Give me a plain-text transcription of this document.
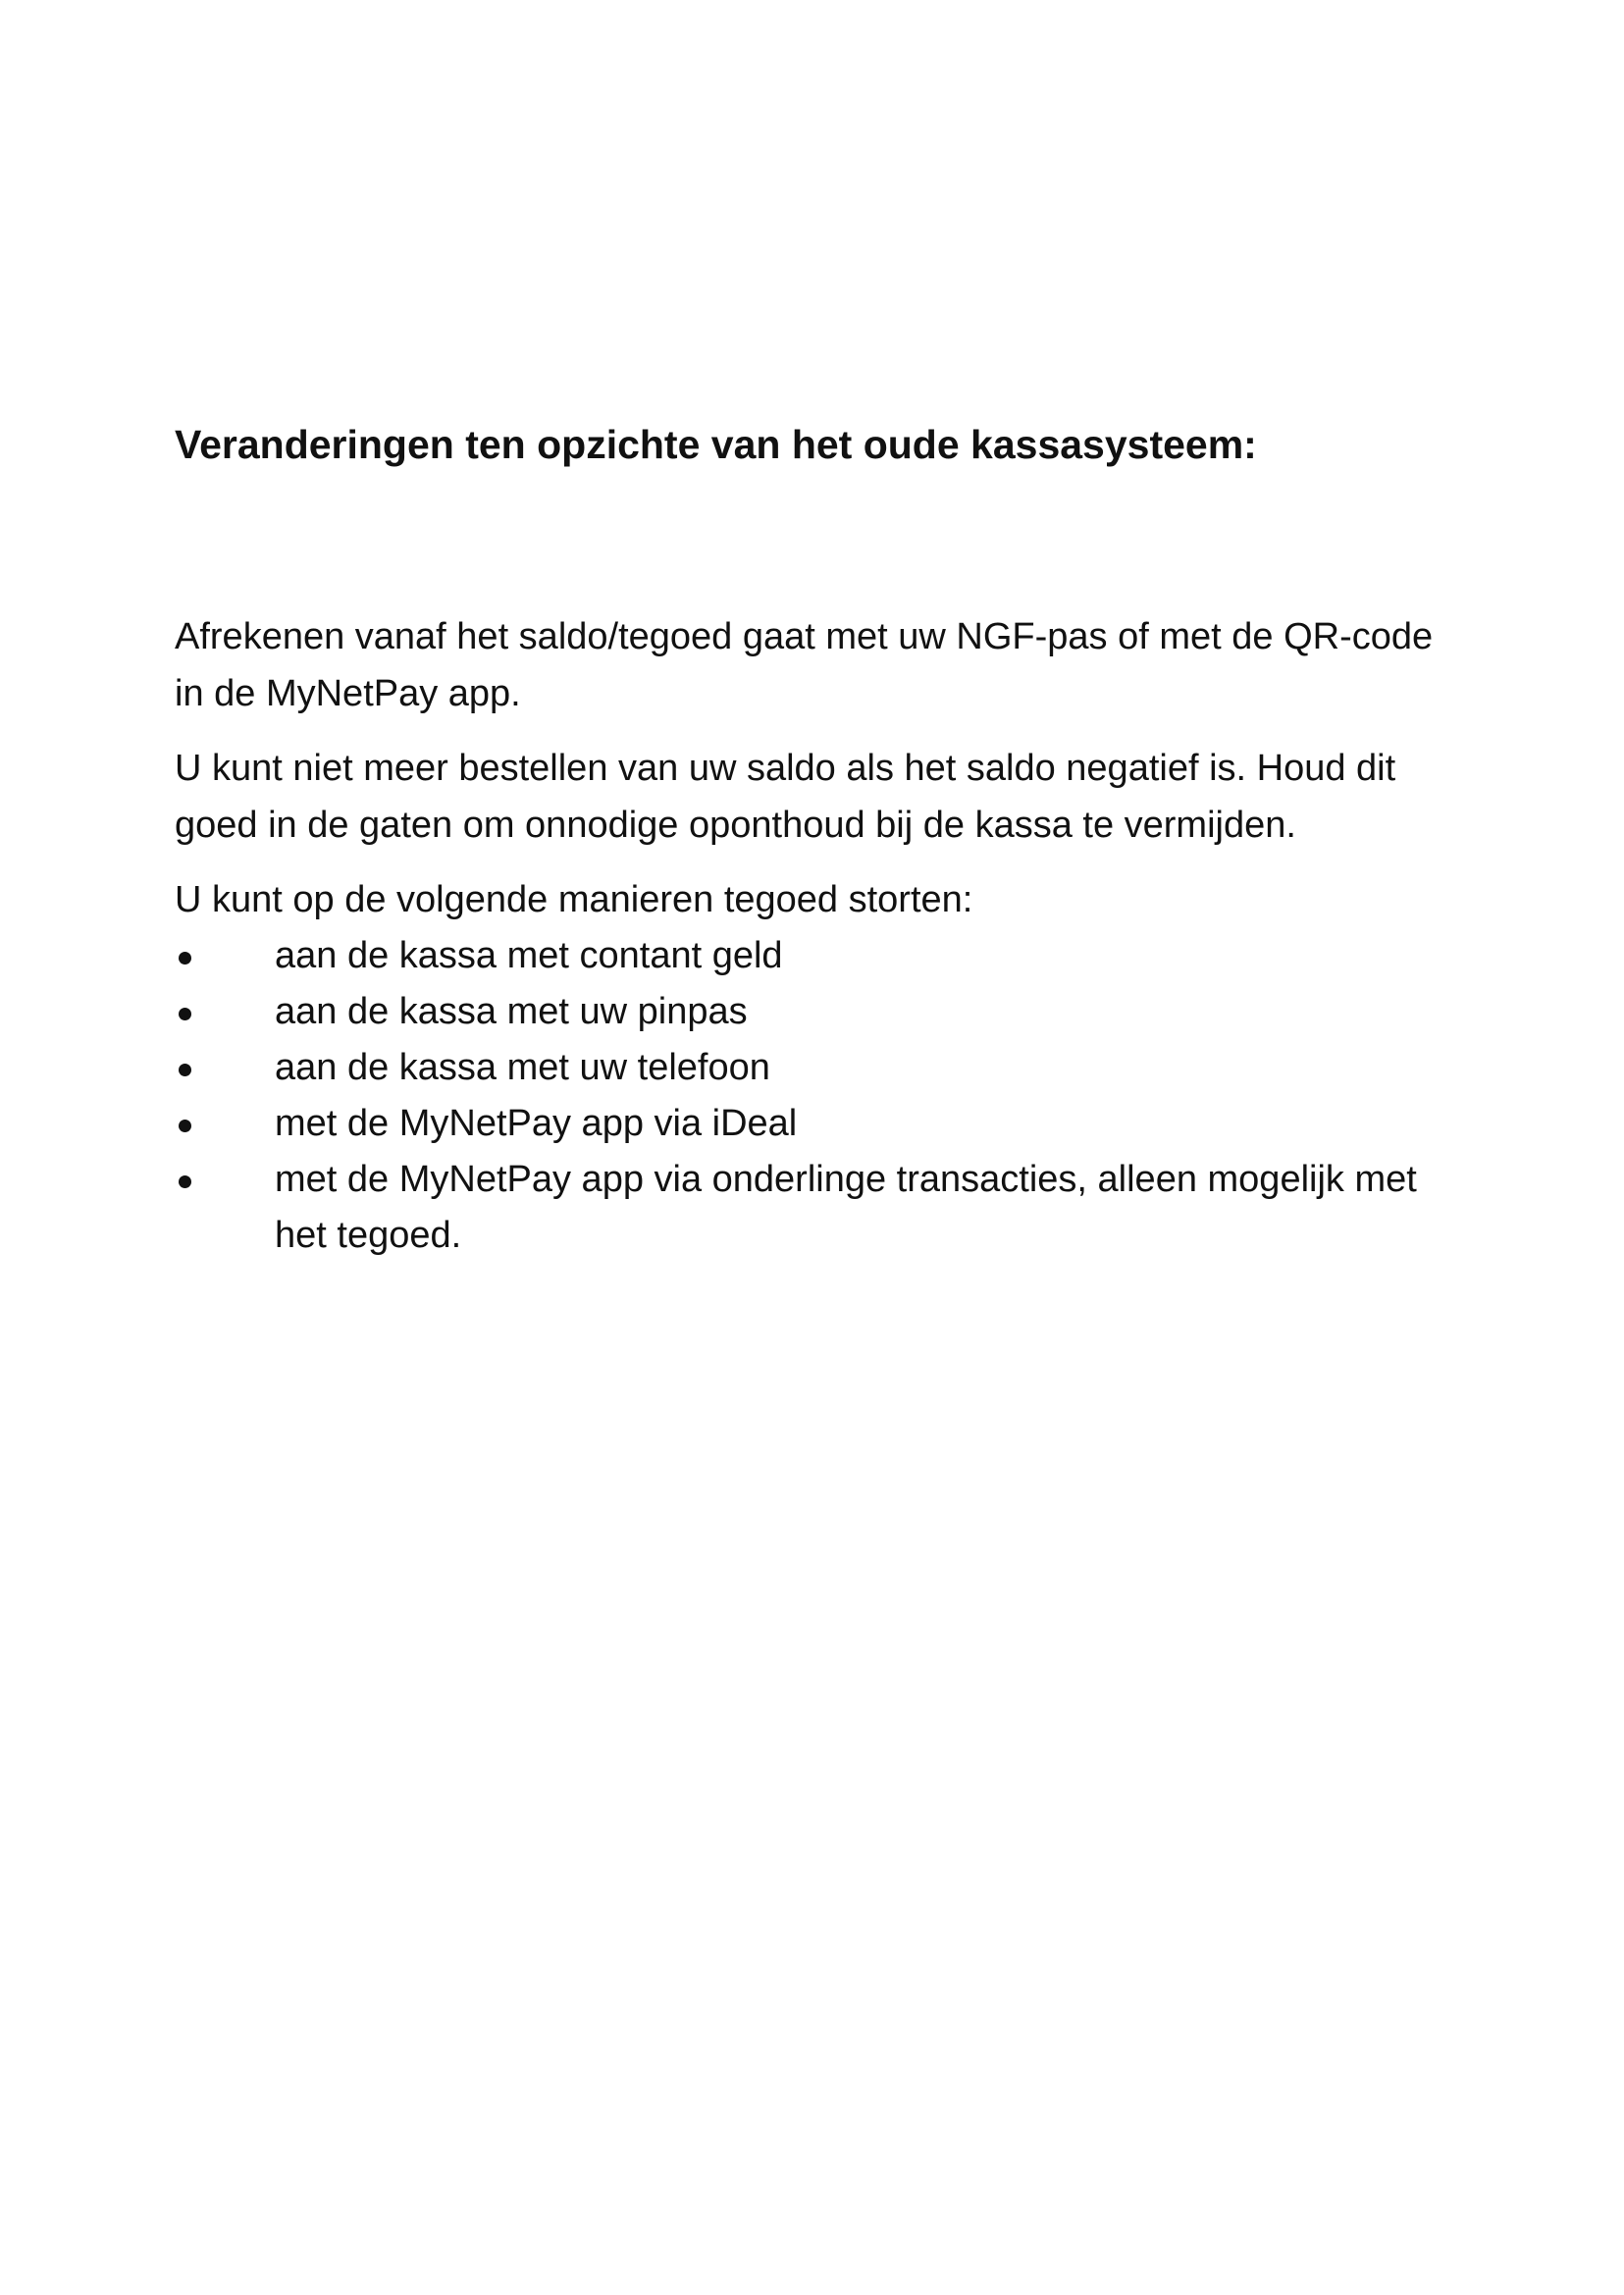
Veranderingen ten opzichte van het oude kassasysteem:

Afrekenen vanaf het saldo/tegoed gaat met uw NGF-pas of met de QR-code in de MyNetPay app.

U kunt niet meer bestellen van uw saldo als het saldo negatief is. Houd dit goed in de gaten om onnodige oponthoud bij de kassa te vermijden.

U kunt op de volgende manieren tegoed storten:

aan de kassa met contant geld
aan de kassa met uw pinpas
aan de kassa met uw telefoon
met de MyNetPay app via iDeal
met de MyNetPay app via onderlinge transacties, alleen mogelijk met het tegoed.
